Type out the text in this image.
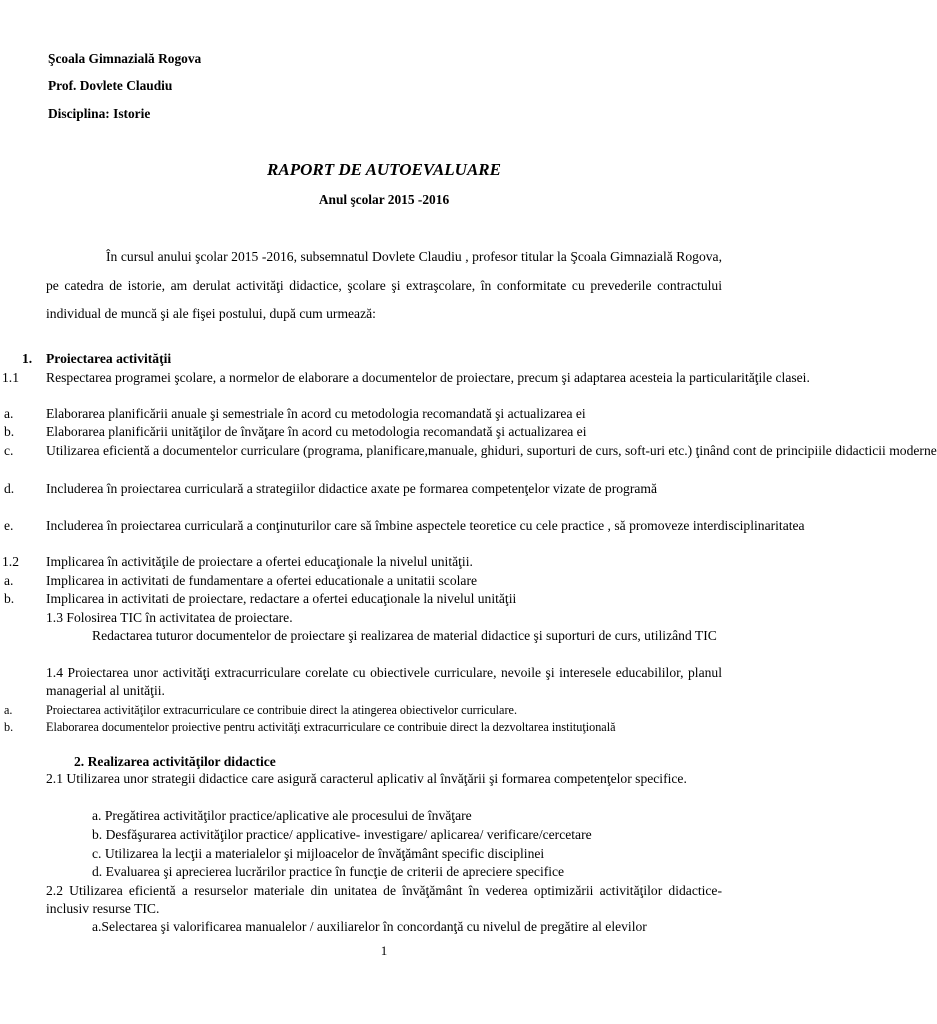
Şcoala Gimnazială Rogova
Prof. Dovlete Claudiu
Disciplina: Istorie
RAPORT DE AUTOEVALUARE
Anul şcolar 2015 -2016
În cursul anului şcolar 2015 -2016, subsemnatul Dovlete Claudiu , profesor titular la Şcoala Gimnazială Rogova, pe catedra de istorie, am derulat activităţi didactice, şcolare şi extraşcolare, în conformitate cu prevederile contractului individual de muncă şi ale fişei postului, după cum urmează:
1. Proiectarea activităţii
1.1 Respectarea programei şcolare, a normelor de elaborare a documentelor de proiectare, precum şi adaptarea acesteia la particularităţile clasei.
a. Elaborarea planificării anuale şi semestriale în acord cu metodologia recomandată şi actualizarea ei
b. Elaborarea planificării unităţilor de învăţare în acord cu metodologia recomandată şi actualizarea ei
c. Utilizarea eficientă a documentelor curriculare (programa, planificare,manuale, ghiduri, suporturi de curs, soft-uri etc.) ţinând cont de principiile didacticii moderne
d. Includerea în proiectarea curriculară a strategiilor didactice axate pe formarea competenţelor vizate de programă
e. Includerea în proiectarea curriculară a conţinuturilor care să îmbine aspectele teoretice cu cele practice , să promoveze interdisciplinaritatea
1.2 Implicarea în activităţile de proiectare a ofertei educaţionale la nivelul unităţii.
a. Implicarea in activitati de fundamentare a ofertei educationale a unitatii scolare
b. Implicarea in activitati de proiectare, redactare a ofertei educaţionale la nivelul unităţii
1.3 Folosirea TIC în activitatea de proiectare.
Redactarea tuturor documentelor de proiectare şi realizarea de material didactice şi suporturi de curs, utilizând TIC
1.4 Proiectarea unor activităţi extracurriculare corelate cu obiectivele curriculare, nevoile şi interesele educabililor, planul managerial al unităţii.
a.	Proiectarea activităţilor extracurriculare ce contribuie direct la atingerea obiectivelor curriculare.
b.	Elaborarea documentelor proiective pentru activităţi extracurriculare ce contribuie direct la dezvoltarea instituţională
2. Realizarea activităţilor didactice
2.1 Utilizarea unor strategii didactice care asigură caracterul aplicativ al învăţării şi formarea competenţelor specifice.
a. Pregătirea activităţilor practice/aplicative ale procesului de învăţare
b. Desfăşurarea activităţilor practice/ applicative- investigare/ aplicarea/ verificare/cercetare
c. Utilizarea la lecţii a materialelor şi mijloacelor de învăţământ specific disciplinei
d. Evaluarea şi aprecierea lucrărilor practice în funcţie de criterii de apreciere specifice
2.2 Utilizarea eficientă a resurselor materiale din unitatea de învăţământ în vederea optimizării activităţilor didactice-inclusiv resurse TIC.
a.Selectarea şi valorificarea manualelor / auxiliarelor în concordanţă cu nivelul de pregătire al elevilor
1
